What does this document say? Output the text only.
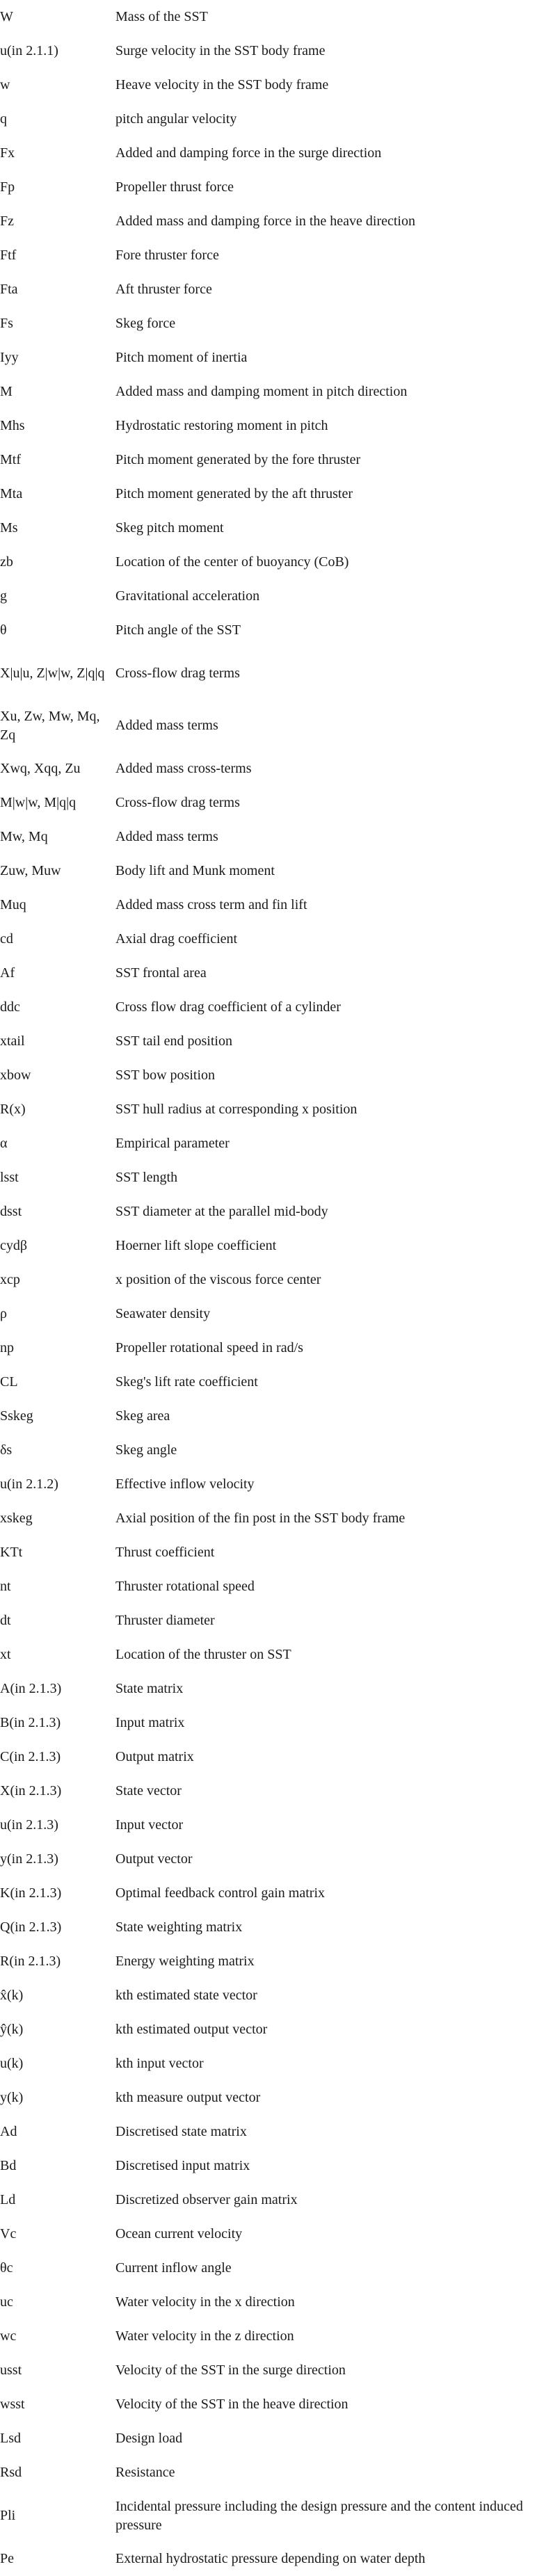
W	Mass of the SST
u(in 2.1.1)	Surge velocity in the SST body frame
w	Heave velocity in the SST body frame
q	pitch angular velocity
Fx	Added and damping force in the surge direction
Fp	Propeller thrust force
Fz	Added mass and damping force in the heave direction
Ftf	Fore thruster force
Fta	Aft thruster force
Fs	Skeg force
Iyy	Pitch moment of inertia
M	Added mass and damping moment in pitch direction
Mhs	Hydrostatic restoring moment in pitch
Mtf	Pitch moment generated by the fore thruster
Mta	Pitch moment generated by the aft thruster
Ms	Skeg pitch moment
zb	Location of the center of buoyancy (CoB)
g	Gravitational acceleration
θ	Pitch angle of the SST
X|u|u, Z|w|w, Z|q|q	Cross-flow drag terms
Xu, Zw, Mw, Mq, Zq	Added mass terms
Xwq, Xqq, Zu	Added mass cross-terms
M|w|w, M|q|q	Cross-flow drag terms
Mw, Mq	Added mass terms
Zuw, Muw	Body lift and Munk moment
Muq	Added mass cross term and fin lift
cd	Axial drag coefficient
Af	SST frontal area
ddc	Cross flow drag coefficient of a cylinder
xtail	SST tail end position
xbow	SST bow position
R(x)	SST hull radius at corresponding x position
α	Empirical parameter
lsst	SST length
dsst	SST diameter at the parallel mid-body
cydβ	Hoerner lift slope coefficient
xcp	x position of the viscous force center
ρ	Seawater density
np	Propeller rotational speed in rad/s
CL	Skeg's lift rate coefficient
Sskeg	Skeg area
δs	Skeg angle
u(in 2.1.2)	Effective inflow velocity
xskeg	Axial position of the fin post in the SST body frame
KTt	Thrust coefficient
nt	Thruster rotational speed
dt	Thruster diameter
xt	Location of the thruster on SST
A(in 2.1.3)	State matrix
B(in 2.1.3)	Input matrix
C(in 2.1.3)	Output matrix
X(in 2.1.3)	State vector
u(in 2.1.3)	Input vector
y(in 2.1.3)	Output vector
K(in 2.1.3)	Optimal feedback control gain matrix
Q(in 2.1.3)	State weighting matrix
R(in 2.1.3)	Energy weighting matrix
x̂(k)	kth estimated state vector
ŷ(k)	kth estimated output vector
u(k)	kth input vector
y(k)	kth measure output vector
Ad	Discretised state matrix
Bd	Discretised input matrix
Ld	Discretized observer gain matrix
Vc	Ocean current velocity
θc	Current inflow angle
uc	Water velocity in the x direction
wc	Water velocity in the z direction
usst	Velocity of the SST in the surge direction
wsst	Velocity of the SST in the heave direction
Lsd	Design load
Rsd	Resistance
Pli	Incidental pressure including the design pressure and the content induced pressure
Pe	External hydrostatic pressure depending on water depth
